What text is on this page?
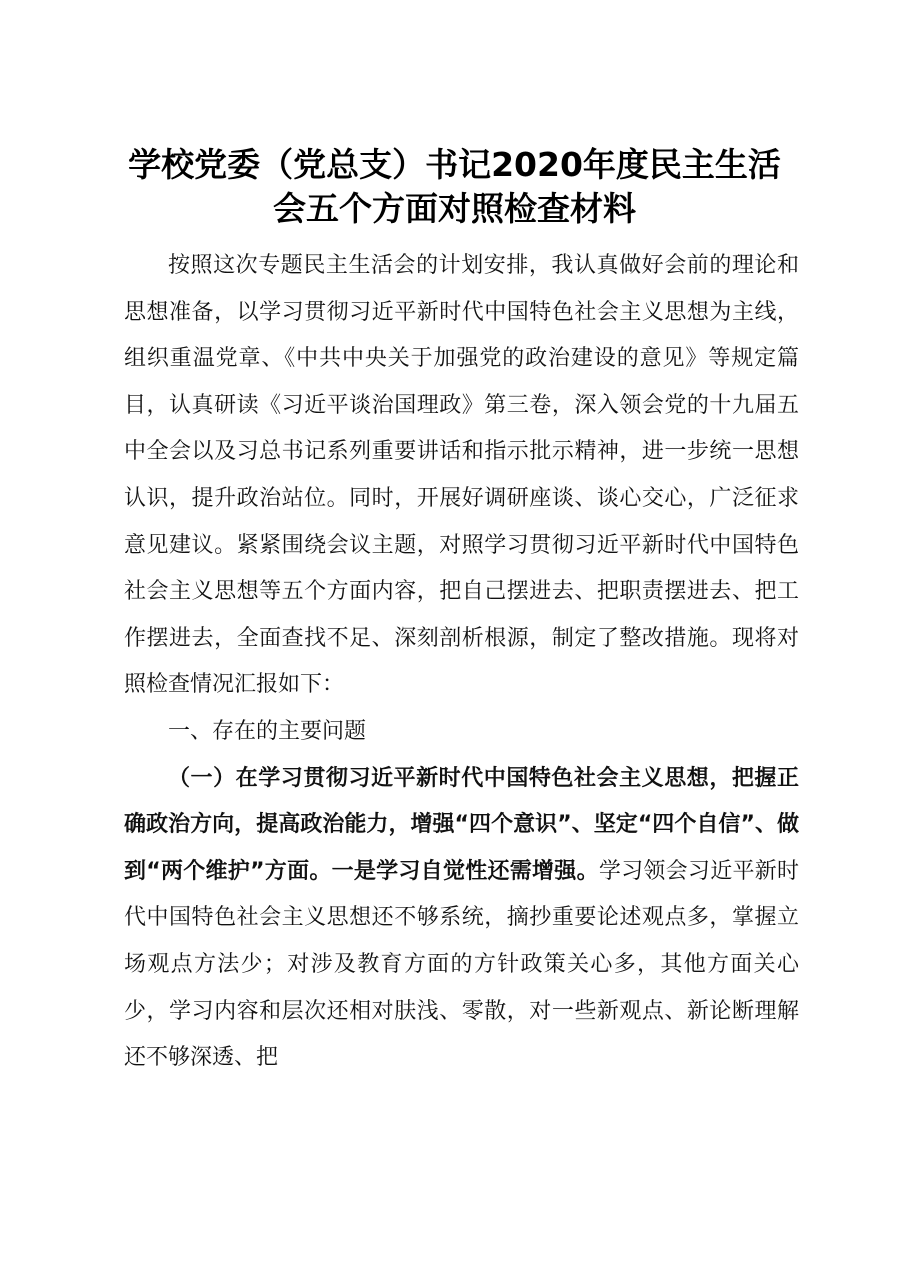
学校党委（党总支）书记2020年度民主生活
会五个方面对照检查材料

按照这次专题民主生活会的计划安排，我认真做好会前的理论和思想准备，以学习贯彻习近平新时代中国特色社会主义思想为主线，组织重温党章、《中共中央关于加强党的政治建设的意见》等规定篇目，认真研读《习近平谈治国理政》第三卷，深入领会党的十九届五中全会以及习总书记系列重要讲话和指示批示精神，进一步统一思想认识，提升政治站位。同时，开展好调研座谈、谈心交心，广泛征求意见建议。紧紧围绕会议主题，对照学习贯彻习近平新时代中国特色社会主义思想等五个方面内容，把自己摆进去、把职责摆进去、把工作摆进去，全面查找不足、深刻剖析根源，制定了整改措施。现将对照检查情况汇报如下：

一、存在的主要问题

（一）在学习贯彻习近平新时代中国特色社会主义思想，把握正确政治方向，提高政治能力，增强“四个意识”、坚定“四个自信”、做到“两个维护”方面。一是学习自觉性还需增强。学习领会习近平新时代中国特色社会主义思想还不够系统，摘抄重要论述观点多，掌握立场观点方法少；对涉及教育方面的方针政策关心多，其他方面关心少，学习内容和层次还相对肤浅、零散，对一些新观点、新论断理解还不够深透、把
